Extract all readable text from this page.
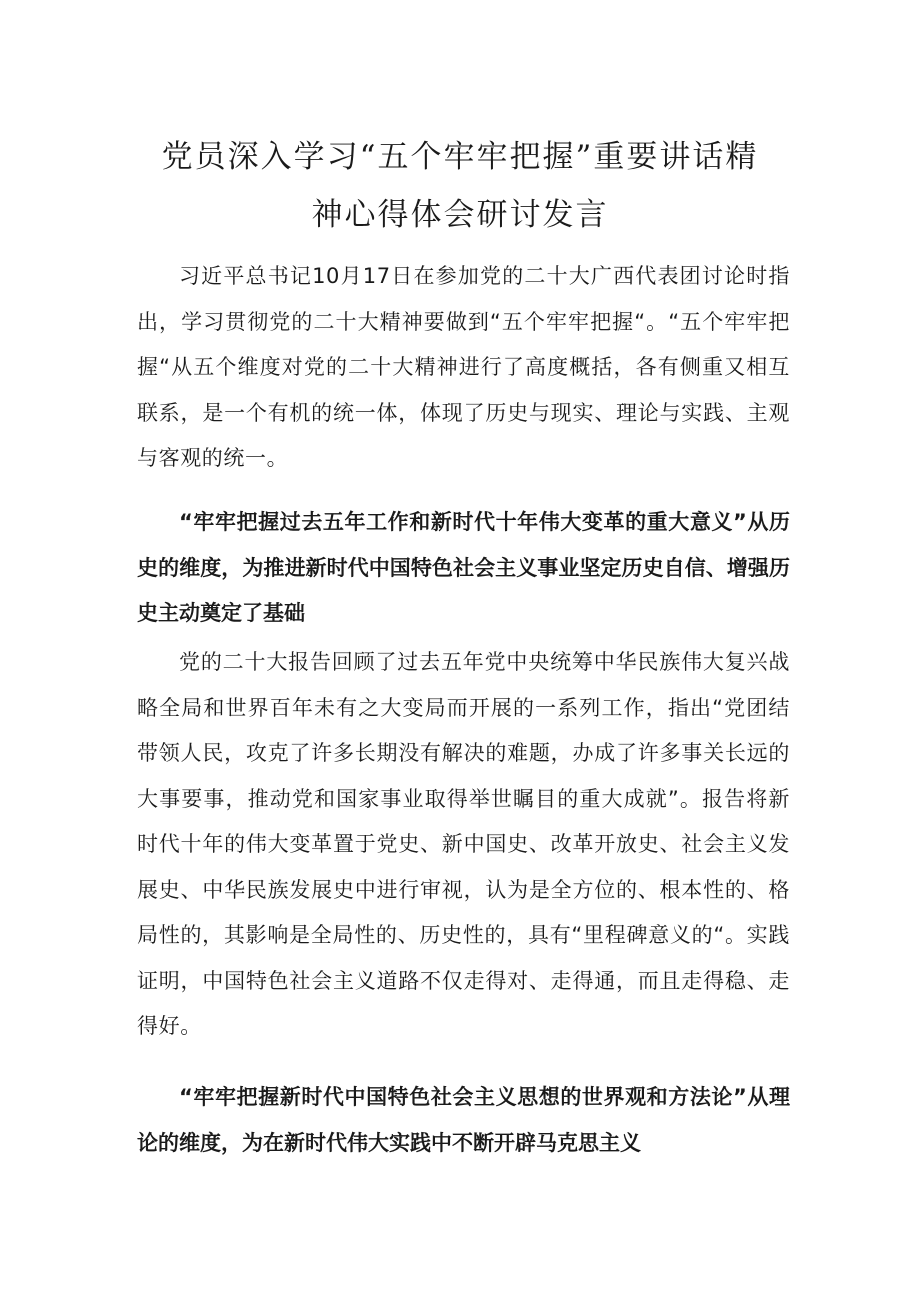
党员深入学习“五个牢牢把握”重要讲话精
神心得体会研讨发言

习近平总书记10月17日在参加党的二十大广西代表团讨论时指出，学习贯彻党的二十大精神要做到“五个牢牢把握“。“五个牢牢把握“从五个维度对党的二十大精神进行了高度概括，各有侧重又相互联系，是一个有机的统一体，体现了历史与现实、理论与实践、主观与客观的统一。

“牢牢把握过去五年工作和新时代十年伟大变革的重大意义”从历史的维度，为推进新时代中国特色社会主义事业坚定历史自信、增强历史主动奠定了基础

党的二十大报告回顾了过去五年党中央统筹中华民族伟大复兴战略全局和世界百年未有之大变局而开展的一系列工作，指出“党团结带领人民，攻克了许多长期没有解决的难题，办成了许多事关长远的大事要事，推动党和国家事业取得举世瞩目的重大成就”。报告将新时代十年的伟大变革置于党史、新中国史、改革开放史、社会主义发展史、中华民族发展史中进行审视，认为是全方位的、根本性的、格局性的，其影响是全局性的、历史性的，具有“里程碑意义的“。实践证明，中国特色社会主义道路不仅走得对、走得通，而且走得稳、走得好。

“牢牢把握新时代中国特色社会主义思想的世界观和方法论”从理论的维度，为在新时代伟大实践中不断开辟马克思主义
